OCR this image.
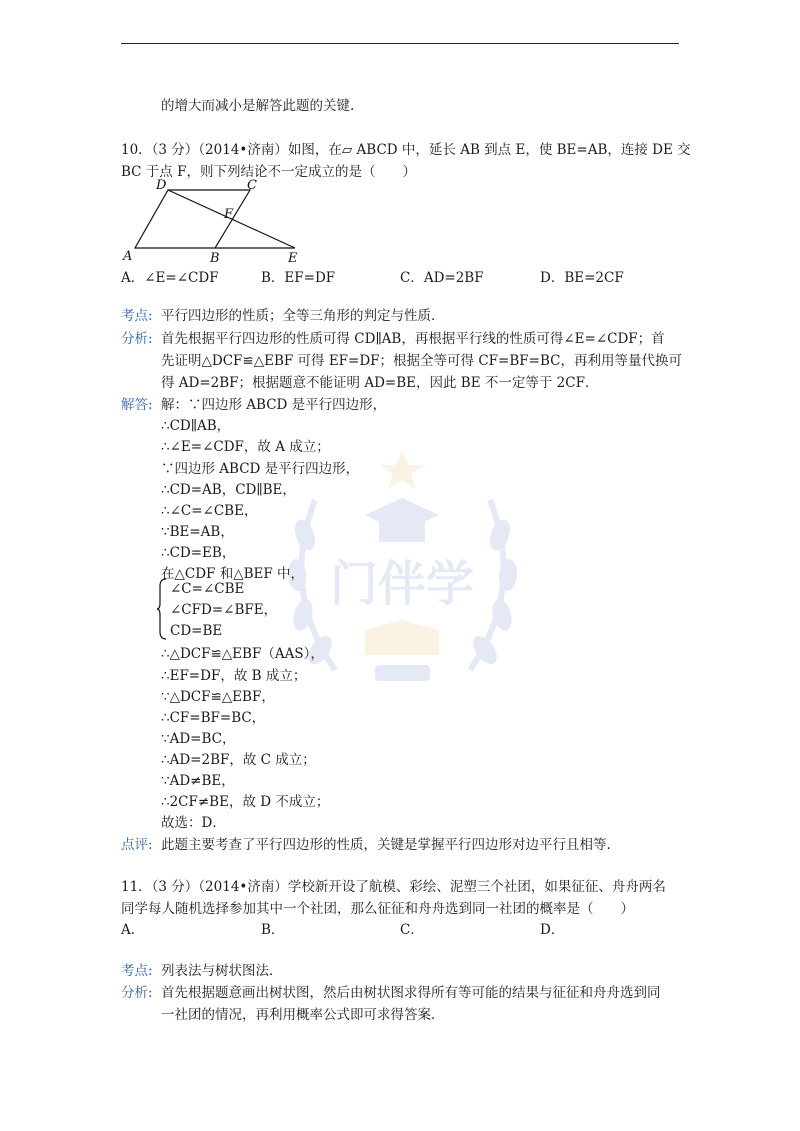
门伴学
的增大而减小是解答此题的关键.
10．（3 分）（2014•济南）如图，在▱ ABCD 中，延长 AB 到点 E，使 BE=AB，连接 DE 交
BC 于点 F，则下列结论不一定成立的是（　　）
D	C
F
A	B	E
A．∠E=∠CDF	B．EF=DF	C．AD=2BF	D．BE=2CF
考点: 平行四边形的性质；全等三角形的判定与性质．
分析: 首先根据平行四边形的性质可得 CD∥AB，再根据平行线的性质可得∠E=∠CDF；首
先证明△DCF≌△EBF 可得 EF=DF；根据全等可得 CF=BF=BC，再利用等量代换可
得 AD=2BF；根据题意不能证明 AD=BE，因此 BE 不一定等于 2CF．
解答: 解：∵四边形 ABCD 是平行四边形，
∴CD∥AB，
∴∠E=∠CDF，故 A 成立；
∵四边形 ABCD 是平行四边形，
∴CD=AB，CD∥BE，
∴∠C=∠CBE，
∵BE=AB，
∴CD=EB，
在△CDF 和△BEF 中，
∠C=∠CBE
∠CFD=∠BFE，
CD=BE
∴△DCF≌△EBF（AAS），
∴EF=DF，故 B 成立；
∵△DCF≌△EBF，
∴CF=BF=BC，
∵AD=BC，
∴AD=2BF，故 C 成立；
∵AD≠BE，
∴2CF≠BE，故 D 不成立；
故选：D．
点评: 此题主要考查了平行四边形的性质，关键是掌握平行四边形对边平行且相等.
11．（3 分）（2014•济南）学校新开设了航模、彩绘、泥塑三个社团，如果征征、舟舟两名
同学每人随机选择参加其中一个社团，那么征征和舟舟选到同一社团的概率是（　　）
A．	B．	C．	D．
考点: 列表法与树状图法．
分析: 首先根据题意画出树状图，然后由树状图求得所有等可能的结果与征征和舟舟选到同
一社团的情况，再利用概率公式即可求得答案．
